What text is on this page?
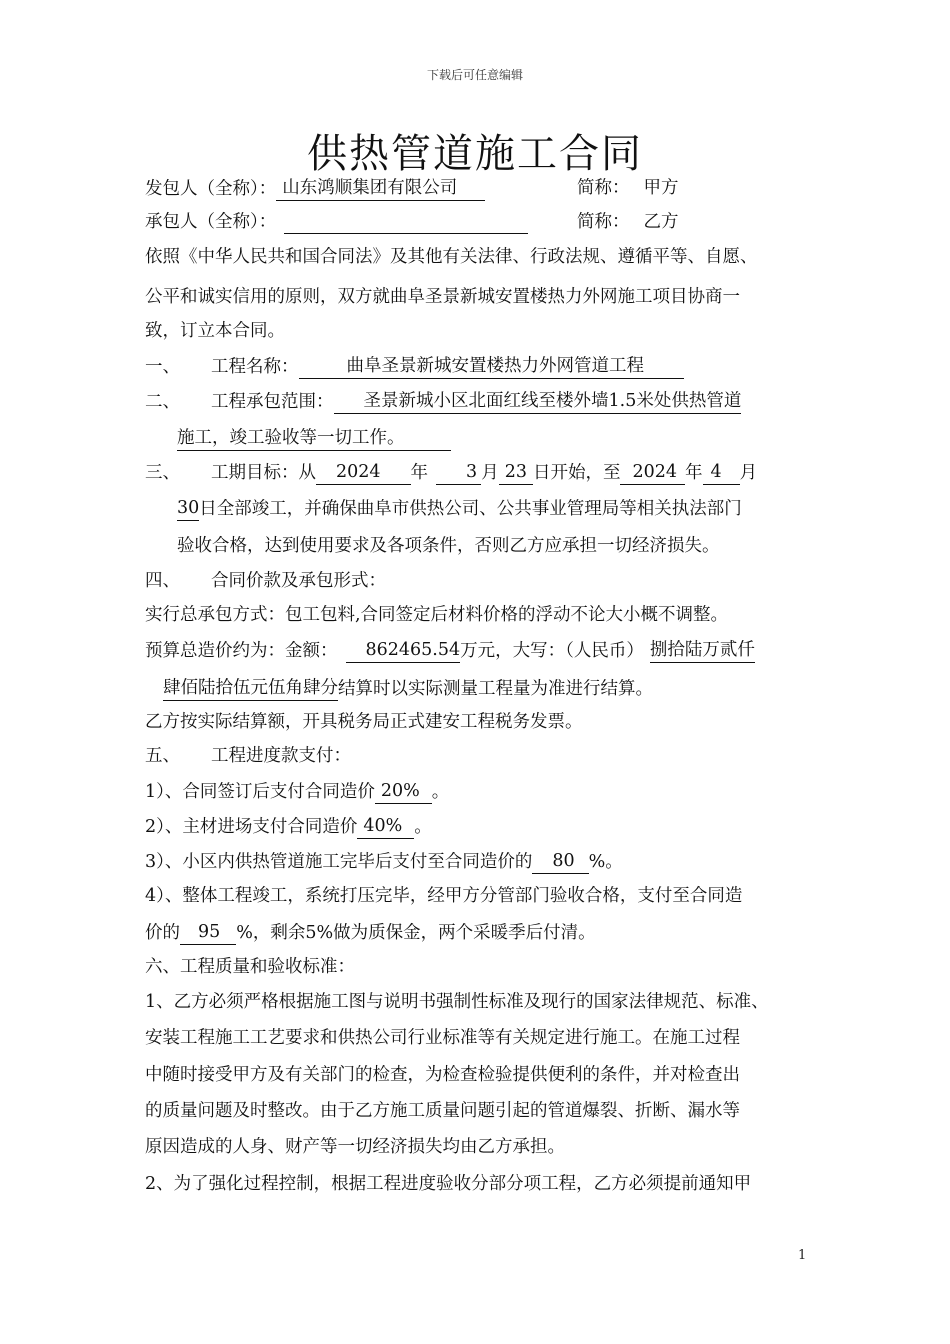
下载后可任意编辑
供热管道施工合同
发包人（全称）： 山东鸿顺集团有限公司	简称： 甲方
承包人（全称）：	简称： 乙方
依照《中华人民共和国合同法》及其他有关法律、行政法规、遵循平等、自愿、
公平和诚实信用的原则，双方就曲阜圣景新城安置楼热力外网施工项目协商一
致，订立本合同。
一、 工程名称：	曲阜圣景新城安置楼热力外网管道工程
二、 工程承包范围： 圣景新城小区北面红线至楼外墙1.5米处供热管道
施工，竣工验收等一切工作。
三、 工期目标：从 2024 年 3 月 23 日开始，至 2024 年 4 月
30日全部竣工，并确保曲阜市供热公司、公共事业管理局等相关执法部门
验收合格，达到使用要求及各项条件，否则乙方应承担一切经济损失。
四、 合同价款及承包形式：
实行总承包方式：包工包料,合同签定后材料价格的浮动不论大小概不调整。
预算总造价约为：金额： 862465.54万元，大写：（人民币） 捌拾陆万贰仟
肆佰陆拾伍元伍角肆分结算时以实际测量工程量为准进行结算。
乙方按实际结算额，开具税务局正式建安工程税务发票。
五、 工程进度款支付：
1）、合同签订后支付合同造价 20% 。
2）、主材进场支付合同造价 40% 。
3）、小区内供热管道施工完毕后支付至合同造价的 80 %。
4）、整体工程竣工，系统打压完毕，经甲方分管部门验收合格，支付至合同造
价的 95 %，剩余5%做为质保金，两个采暖季后付清。
六、工程质量和验收标准：
1、乙方必须严格根据施工图与说明书强制性标准及现行的国家法律规范、标准、
安装工程施工工艺要求和供热公司行业标准等有关规定进行施工。在施工过程
中随时接受甲方及有关部门的检查，为检查检验提供便利的条件，并对检查出
的质量问题及时整改。由于乙方施工质量问题引起的管道爆裂、折断、漏水等
原因造成的人身、财产等一切经济损失均由乙方承担。
2、为了强化过程控制，根据工程进度验收分部分项工程，乙方必须提前通知甲
1
